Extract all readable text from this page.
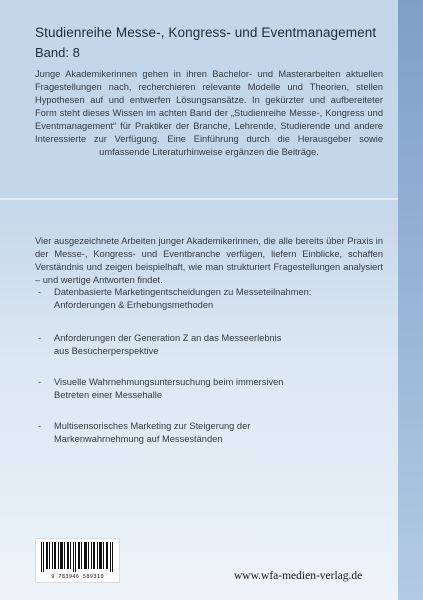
Studienreihe Messe-, Kongress- und Eventmanagement
Band: 8
Junge Akademikerinnen gehen in ihren Bachelor- und Masterarbeiten aktuellen Fragestellungen nach, recherchieren relevante Modelle und Theorien, stellen Hypothesen auf und entwerfen Lösungsansätze. In gekürzter und aufbereiteter Form steht dieses Wissen im achten Band der „Studienreihe Messe-, Kongress und Eventmanagement“ für Praktiker der Branche, Lehrende, Studierende und andere Interessierte zur Verfügung. Eine Einführung durch die Herausgeber sowie umfassende Literaturhinweise ergänzen die Beiträge.
Vier ausgezeichnete Arbeiten junger Akademikerinnen, die alle bereits über Praxis in der Messe-, Kongress- und Eventbranche verfügen, liefern Einblicke, schaffen Verständnis und zeigen beispielhaft, wie man strukturiert Fragestellungen analysiert – und wertige Antworten findet.
- Datenbasierte Marketingentscheidungen zu Messeteilnahmen:
Anforderungen & Erhebungsmethoden
- Anforderungen der Generation Z an das Messeerlebnis
aus Besucherperspektive
- Visuelle Wahrnehmungsuntersuchung beim immersiven
Betreten einer Messehalle
- Multisensorisches Marketing zur Steigerung der
Markenwahrnehmung auf Messeständen
9 783946 589310	www.wfa-medien-verlag.de
